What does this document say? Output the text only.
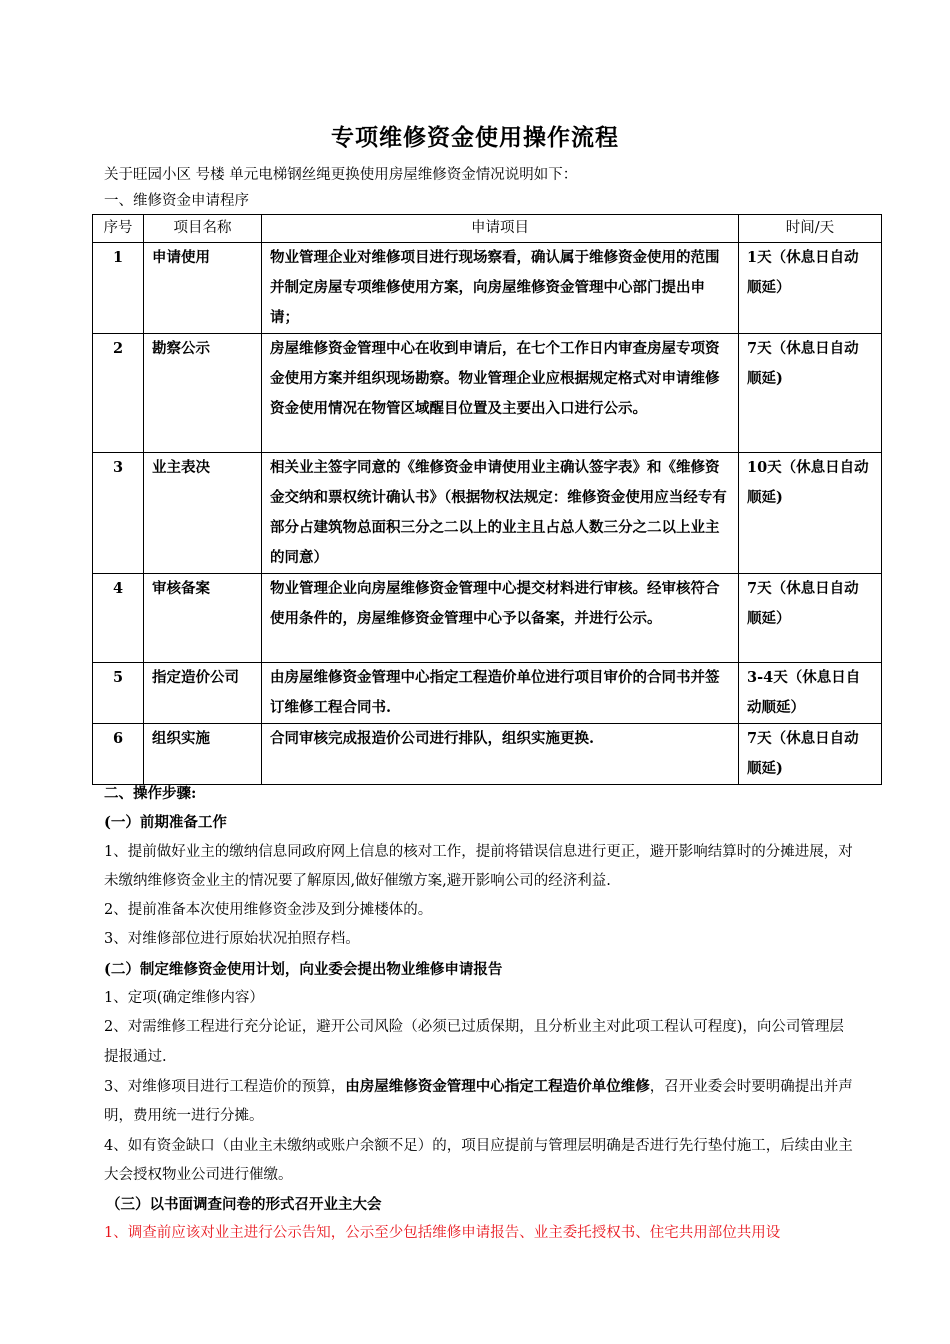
专项维修资金使用操作流程
关于旺园小区 号楼 单元电梯钢丝绳更换使用房屋维修资金情况说明如下：
一、维修资金申请程序
序号	项目名称	申请项目	时间/天
1	申请使用	物业管理企业对维修项目进行现场察看，确认属于维修资金使用的范围并制定房屋专项维修使用方案，向房屋维修资金管理中心部门提出申请；	1天（休息日自动顺延）
2	勘察公示	房屋维修资金管理中心在收到申请后，在七个工作日内审查房屋专项资金使用方案并组织现场勘察。物业管理企业应根据规定格式对申请维修资金使用情况在物管区域醒目位置及主要出入口进行公示。	7天（休息日自动顺延)
3	业主表决	相关业主签字同意的《维修资金申请使用业主确认签字表》和《维修资金交纳和票权统计确认书》（根据物权法规定：维修资金使用应当经专有部分占建筑物总面积三分之二以上的业主且占总人数三分之二以上业主的同意）	10天（休息日自动顺延)
4	审核备案	物业管理企业向房屋维修资金管理中心提交材料进行审核。经审核符合使用条件的，房屋维修资金管理中心予以备案，并进行公示。	7天（休息日自动顺延）
5	指定造价公司	由房屋维修资金管理中心指定工程造价单位进行项目审价的合同书并签订维修工程合同书.	3-4天（休息日自动顺延）
6	组织实施	合同审核完成报造价公司进行排队，组织实施更换.	7天（休息日自动顺延)

二、操作步骤:

(一）前期准备工作

1、提前做好业主的缴纳信息同政府网上信息的核对工作，提前将错误信息进行更正，避开影响结算时的分摊进展，对未缴纳维修资金业主的情况要了解原因,做好催缴方案,避开影响公司的经济利益.

2、提前准备本次使用维修资金涉及到分摊楼体的。

3、对维修部位进行原始状况拍照存档。

(二）制定维修资金使用计划，向业委会提出物业维修申请报告

1、定项(确定维修内容）

2、对需维修工程进行充分论证，避开公司风险（必须已过质保期，且分析业主对此项工程认可程度)，向公司管理层提报通过.

3、对维修项目进行工程造价的预算，由房屋维修资金管理中心指定工程造价单位维修，召开业委会时要明确提出并声明，费用统一进行分摊。

4、如有资金缺口（由业主未缴纳或账户余额不足）的，项目应提前与管理层明确是否进行先行垫付施工，后续由业主大会授权物业公司进行催缴。

（三）以书面调查问卷的形式召开业主大会

1、调查前应该对业主进行公示告知，公示至少包括维修申请报告、业主委托授权书、住宅共用部位共用设
